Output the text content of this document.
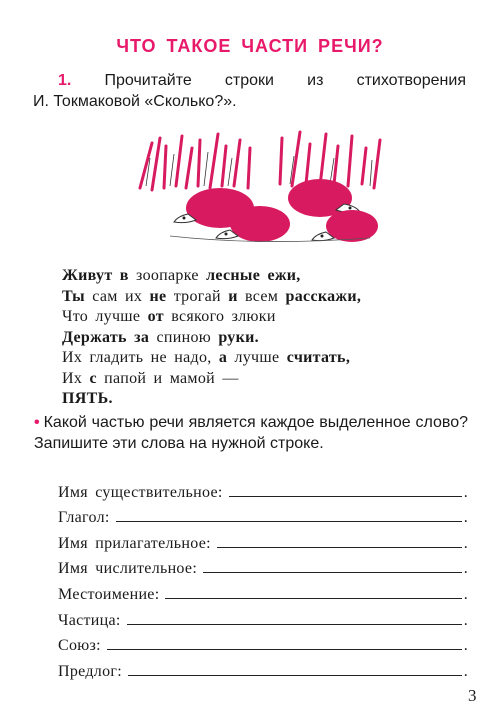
ЧТО ТАКОЕ ЧАСТИ РЕЧИ?
1. Прочитайте строки из стихотворения
И. Токмаковой «Сколько?».
Живут в зоопарке лесные ежи,
Ты сам их не трогай и всем расскажи,
Что лучше от всякого злюки
Держать за спиною руки.
Их гладить не надо, а лучше считать,
Их с папой и мамой —
ПЯТЬ.
• Какой частью речи является каждое выделенное слово? Запишите эти слова на нужной строке.
Имя существительное:	.
Глагол:	.
Имя прилагательное:	.
Имя числительное:	.
Местоимение:	.
Частица:	.
Союз:	.
Предлог:	.
3
